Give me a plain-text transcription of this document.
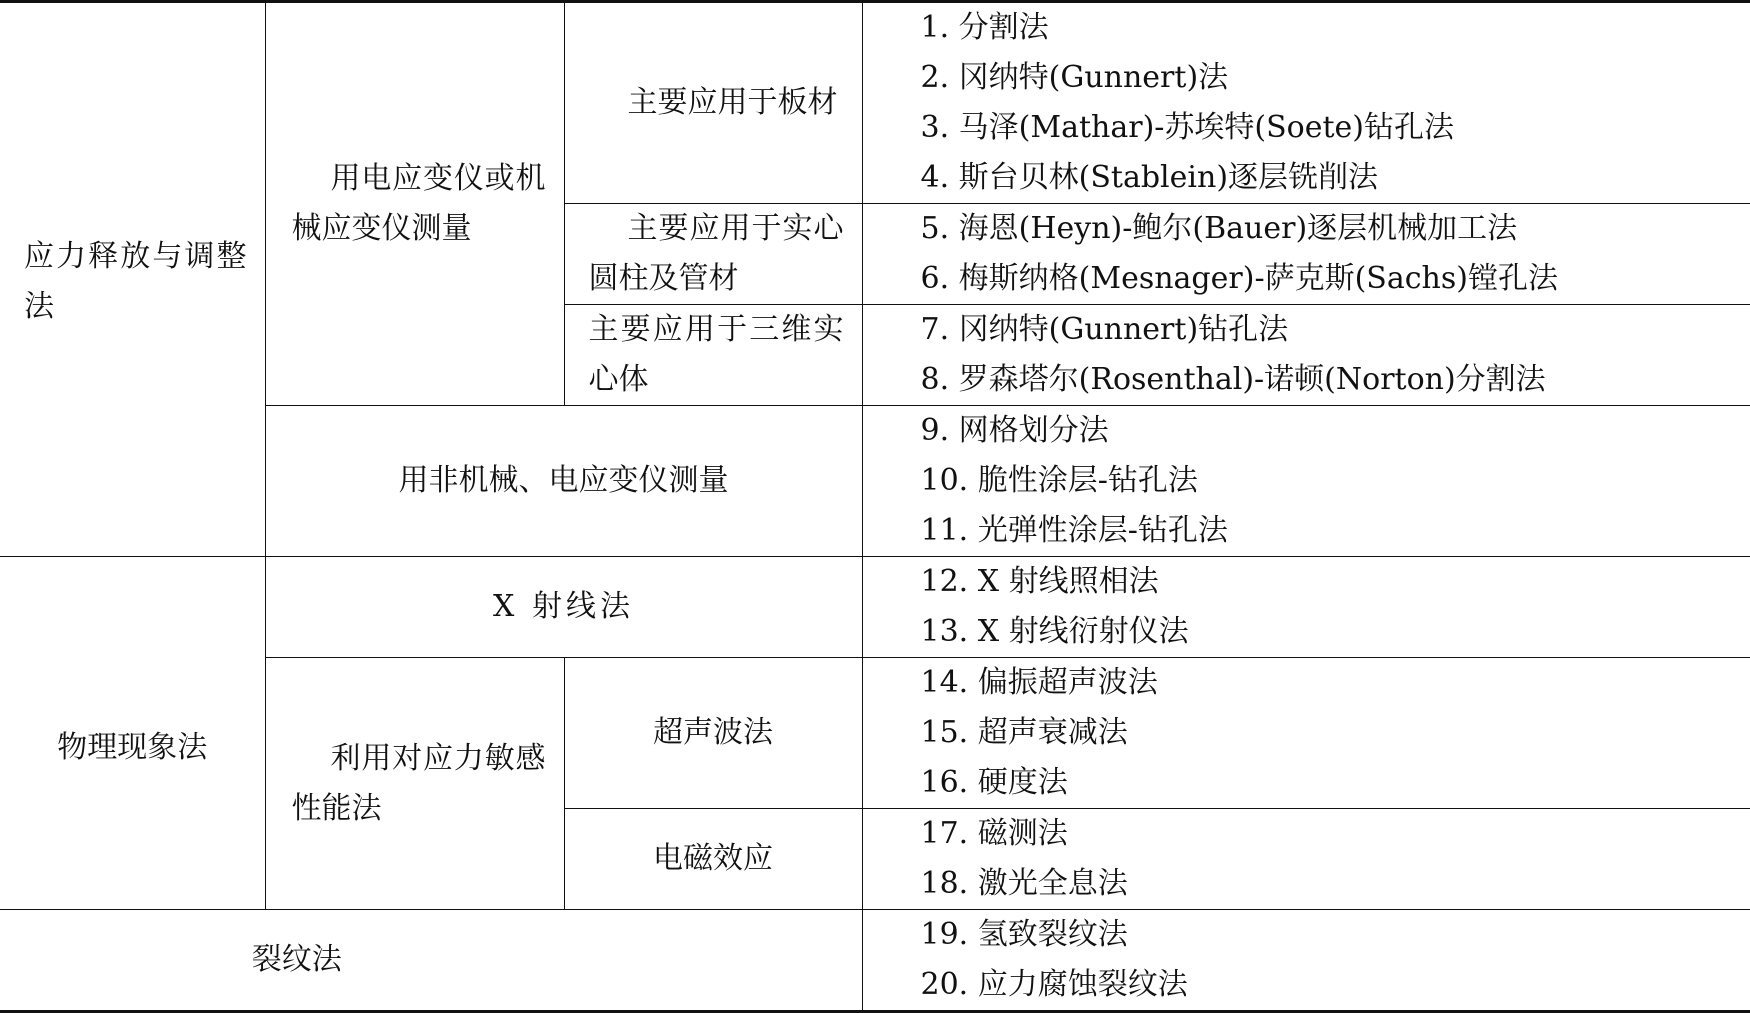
应力释放与调整法	用电应变仪或机械应变仪测量	主要应用于板材	1. 分割法
2. 冈纳特(Gunnert)法
3. 马泽(Mathar)-苏埃特(Soete)钻孔法
4. 斯台贝林(Stablein)逐层铣削法

		主要应用于实心圆柱及管材	5. 海恩(Heyn)-鲍尔(Bauer)逐层机械加工法
6. 梅斯纳格(Mesnager)-萨克斯(Sachs)镗孔法

		主要应用于三维实心体	7. 冈纳特(Gunnert)钻孔法
8. 罗森塔尔(Rosenthal)-诺顿(Norton)分割法

	用非机械、电应变仪测量		9. 网格划分法
10. 脆性涂层-钻孔法
11. 光弹性涂层-钻孔法

物理现象法	X 射线法		12. X 射线照相法
13. X 射线衍射仪法

	利用对应力敏感性能法	超声波法	14. 偏振超声波法
15. 超声衰减法
16. 硬度法

		电磁效应	17. 磁测法
18. 激光全息法

裂纹法			19. 氢致裂纹法
20. 应力腐蚀裂纹法
